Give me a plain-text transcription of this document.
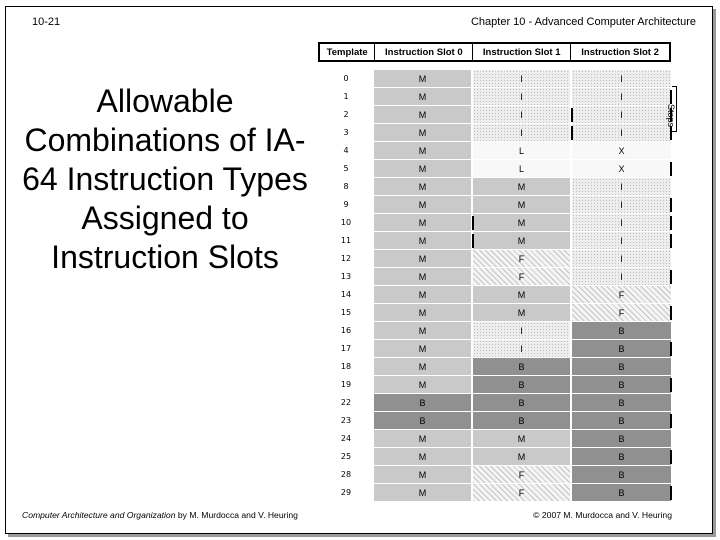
10-21	Chapter 10 - Advanced Computer Architecture
Allowable Combinations of IA-64 Instruction Types Assigned to Instruction Slots
Template	Instruction Slot 0	Instruction Slot 1	Instruction Slot 2
0	M	I	I
1	M	I	I
2	M	I	I
3	M	I	I
4	M	L	X
5	M	L	X
8	M	M	I
9	M	M	I
10	M	M	I
11	M	M	I
12	M	F	I
13	M	F	I
14	M	M	F
15	M	M	F
16	M	I	B
17	M	I	B
18	M	B	B
19	M	B	B
22	B	B	B
23	B	B	B
24	M	M	B
25	M	M	B
28	M	F	B
29	M	F	B
Stops
Computer Architecture and Organization by M. Murdocca and V. Heuring	© 2007 M. Murdocca and V. Heuring
